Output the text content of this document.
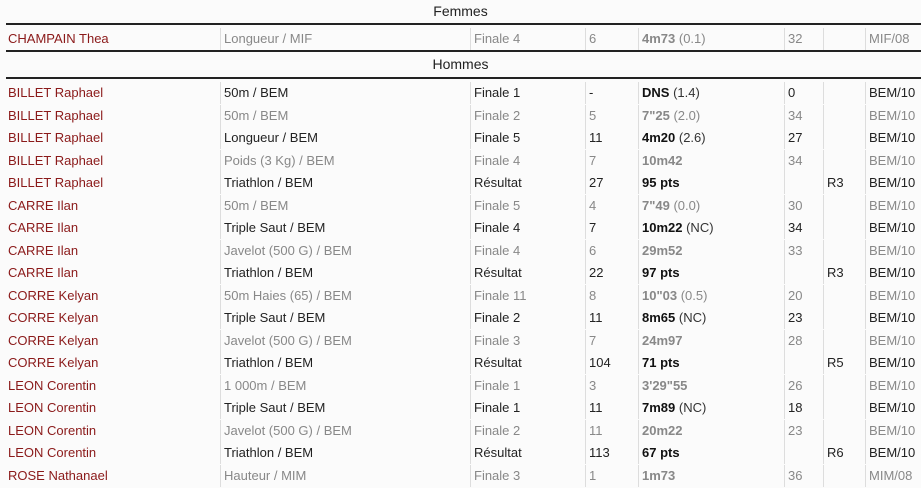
Femmes
CHAMPAIN Thea	Longueur / MIF	Finale 4	6	4m73 (0.1)	32	MIF/08
Hommes
BILLET Raphael	50m / BEM	Finale 1	-	DNS (1.4)	0	BEM/10
BILLET Raphael	50m / BEM	Finale 2	5	7"25 (2.0)	34	BEM/10
BILLET Raphael	Longueur / BEM	Finale 5	11	4m20 (2.6)	27	BEM/10
BILLET Raphael	Poids (3 Kg) / BEM	Finale 4	7	10m42	34	BEM/10
BILLET Raphael	Triathlon / BEM	Résultat	27	95 pts	R3	BEM/10
CARRE Ilan	50m / BEM	Finale 5	4	7"49 (0.0)	30	BEM/10
CARRE Ilan	Triple Saut / BEM	Finale 4	7	10m22 (NC)	34	BEM/10
CARRE Ilan	Javelot (500 G) / BEM	Finale 4	6	29m52	33	BEM/10
CARRE Ilan	Triathlon / BEM	Résultat	22	97 pts	R3	BEM/10
CORRE Kelyan	50m Haies (65) / BEM	Finale 11	8	10"03 (0.5)	20	BEM/10
CORRE Kelyan	Triple Saut / BEM	Finale 2	11	8m65 (NC)	23	BEM/10
CORRE Kelyan	Javelot (500 G) / BEM	Finale 3	7	24m97	28	BEM/10
CORRE Kelyan	Triathlon / BEM	Résultat	104	71 pts	R5	BEM/10
LEON Corentin	1 000m / BEM	Finale 1	3	3'29"55	26	BEM/10
LEON Corentin	Triple Saut / BEM	Finale 1	11	7m89 (NC)	18	BEM/10
LEON Corentin	Javelot (500 G) / BEM	Finale 2	11	20m22	23	BEM/10
LEON Corentin	Triathlon / BEM	Résultat	113	67 pts	R6	BEM/10
ROSE Nathanael	Hauteur / MIM	Finale 3	1	1m73	36	MIM/08
